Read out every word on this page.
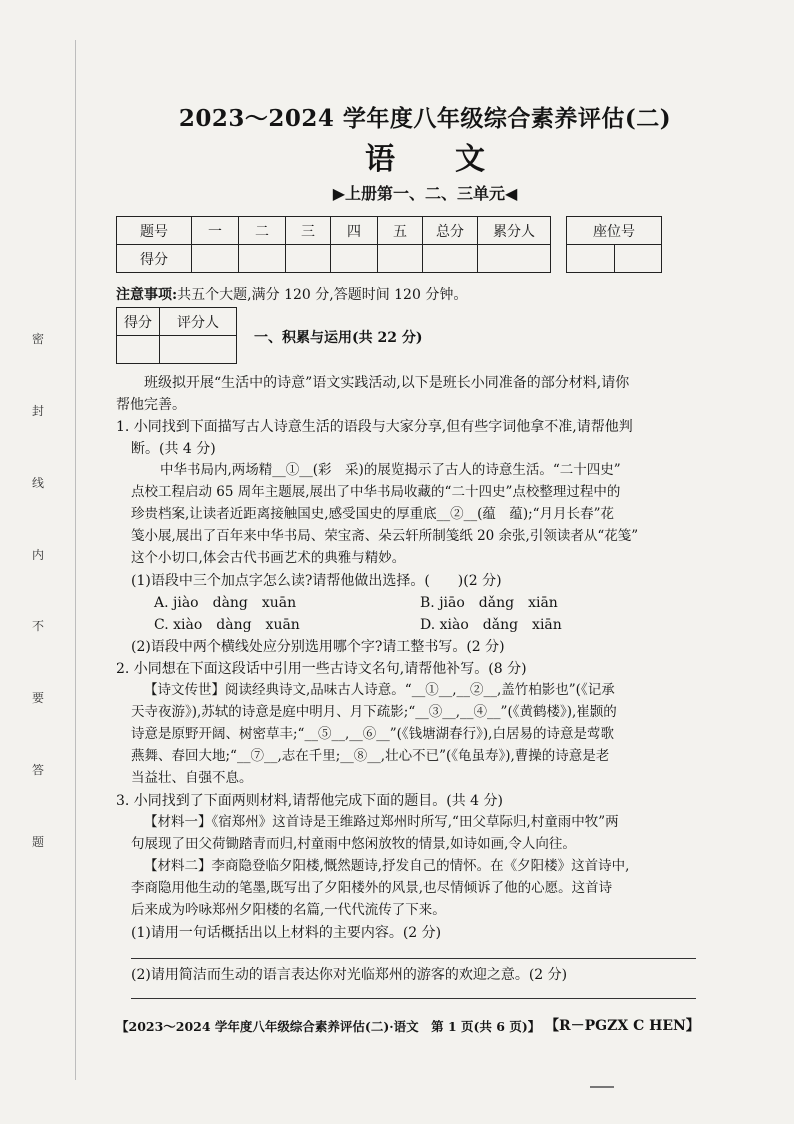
密
封
线
内
不
要
答
题
2023～2024 学年度八年级综合素养评估(二)
语文
▶上册第一、二、三单元◀
题号	一	二	三	四	五	总分	累分人
得分							
座位号

注意事项:共五个大题,满分 120 分,答题时间 120 分钟。
得分	评分人

一、积累与运用(共 22 分)
班级拟开展“生活中的诗意”语文实践活动,以下是班长小同准备的部分材料,请你
帮他完善。
1. 小同找到下面描写古人诗意生活的语段与大家分享,但有些字词他拿不准,请帮他判
断。(共 4 分)
中华书局内,两场精__①__(彩　采)的展览揭示了古人的诗意生活。“二十四史”
点校工程启动 65 周年主题展,展出了中华书局收藏的“二十四史”点校整理过程中的
珍贵档案,让读者近距离接触国史,感受国史的厚重底__②__(蕴　蕴);“月月长春”花
笺小展,展出了百年来中华书局、荣宝斋、朵云轩所制笺纸 20 余张,引领读者从“花笺”
这个小切口,体会古代书画艺术的典雅与精妙。
(1)语段中三个加点字怎么读?请帮他做出选择。(　　)(2 分)
A. jiào　dàng　xuān	B. jiāo　dǎng　xiān
C. xiào　dàng　xuān	D. xiào　dǎng　xiān
(2)语段中两个横线处应分别选用哪个字?请工整书写。(2 分)
2. 小同想在下面这段话中引用一些古诗文名句,请帮他补写。(8 分)
【诗文传世】阅读经典诗文,品味古人诗意。“__①__,__②__,盖竹柏影也”(《记承
天寺夜游》),苏轼的诗意是庭中明月、月下疏影;“__③__,__④__”(《黄鹤楼》),崔颢的
诗意是原野开阔、树密草丰;“__⑤__,__⑥__”(《钱塘湖春行》),白居易的诗意是莺歌
燕舞、春回大地;“__⑦__,志在千里;__⑧__,壮心不已”(《龟虽寿》),曹操的诗意是老
当益壮、自强不息。
3. 小同找到了下面两则材料,请帮他完成下面的题目。(共 4 分)
【材料一】《宿郑州》这首诗是王维路过郑州时所写,“田父草际归,村童雨中牧”两
句展现了田父荷锄踏青而归,村童雨中悠闲放牧的情景,如诗如画,令人向往。
【材料二】李商隐登临夕阳楼,慨然题诗,抒发自己的情怀。在《夕阳楼》这首诗中,
李商隐用他生动的笔墨,既写出了夕阳楼外的风景,也尽情倾诉了他的心愿。这首诗
后来成为吟咏郑州夕阳楼的名篇,一代代流传了下来。
(1)请用一句话概括出以上材料的主要内容。(2 分)
(2)请用简洁而生动的语言表达你对光临郑州的游客的欢迎之意。(2 分)
【2023～2024 学年度八年级综合素养评估(二)·语文　第 1 页(共 6 页)】 【R－PGZX C HEN】
